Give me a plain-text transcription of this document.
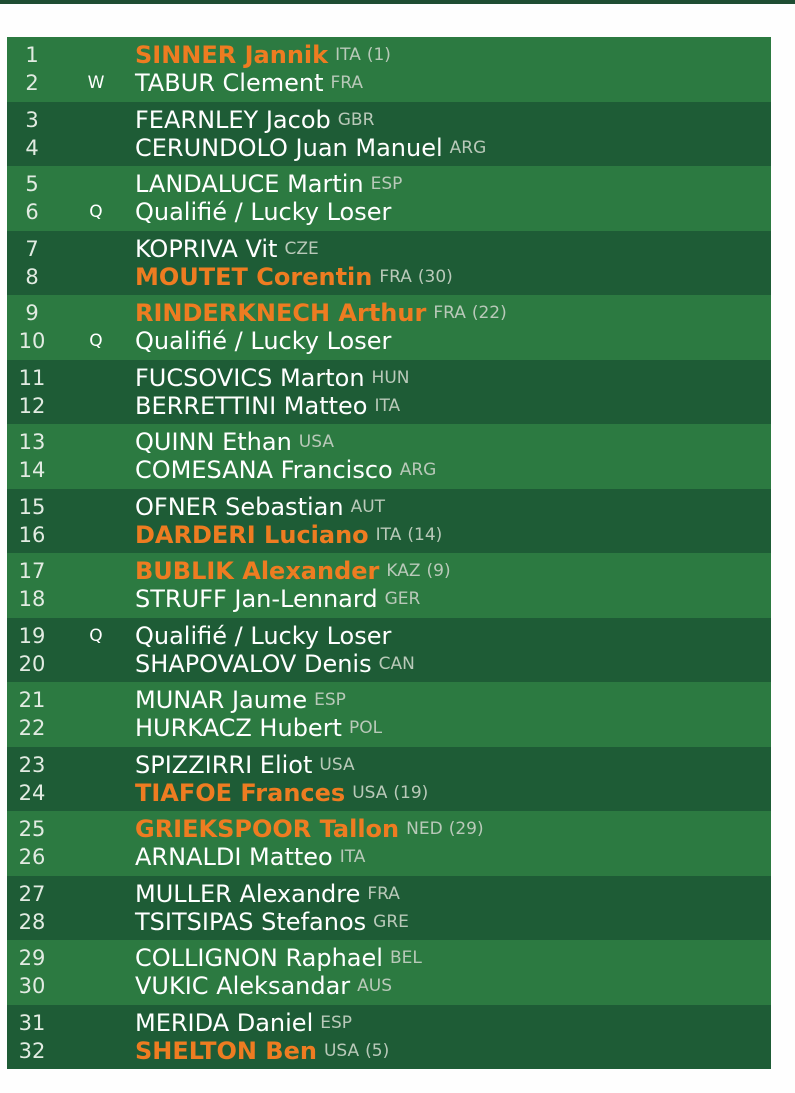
1	SINNER Jannik ITA (1)
2	W	TABUR Clement FRA
3	FEARNLEY Jacob GBR
4	CERUNDOLO Juan Manuel ARG
5	LANDALUCE Martin ESP
6	Q	Qualifié / Lucky Loser
7	KOPRIVA Vit CZE
8	MOUTET Corentin FRA (30)
9	RINDERKNECH Arthur FRA (22)
10	Q	Qualifié / Lucky Loser
11	FUCSOVICS Marton HUN
12	BERRETTINI Matteo ITA
13	QUINN Ethan USA
14	COMESANA Francisco ARG
15	OFNER Sebastian AUT
16	DARDERI Luciano ITA (14)
17	BUBLIK Alexander KAZ (9)
18	STRUFF Jan-Lennard GER
19	Q	Qualifié / Lucky Loser
20	SHAPOVALOV Denis CAN
21	MUNAR Jaume ESP
22	HURKACZ Hubert POL
23	SPIZZIRRI Eliot USA
24	TIAFOE Frances USA (19)
25	GRIEKSPOOR Tallon NED (29)
26	ARNALDI Matteo ITA
27	MULLER Alexandre FRA
28	TSITSIPAS Stefanos GRE
29	COLLIGNON Raphael BEL
30	VUKIC Aleksandar AUS
31	MERIDA Daniel ESP
32	SHELTON Ben USA (5)
